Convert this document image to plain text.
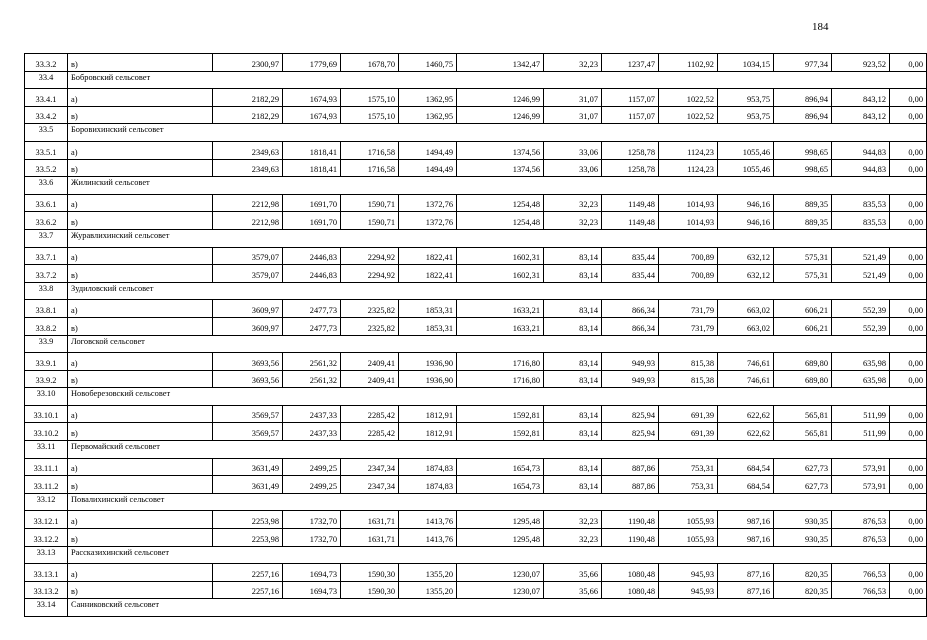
184
33.3.2	в)	2300,97	1779,69	1678,70	1460,75	1342,47	32,23	1237,47	1102,92	1034,15	977,34	923,52	0,00
33.4	Бобровский сельсовет												
33.4.1	а)	2182,29	1674,93	1575,10	1362,95	1246,99	31,07	1157,07	1022,52	953,75	896,94	843,12	0,00
33.4.2	в)	2182,29	1674,93	1575,10	1362,95	1246,99	31,07	1157,07	1022,52	953,75	896,94	843,12	0,00
33.5	Боровихинский сельсовет												
33.5.1	а)	2349,63	1818,41	1716,58	1494,49	1374,56	33,06	1258,78	1124,23	1055,46	998,65	944,83	0,00
33.5.2	в)	2349,63	1818,41	1716,58	1494,49	1374,56	33,06	1258,78	1124,23	1055,46	998,65	944,83	0,00
33.6	Жилинский сельсовет												
33.6.1	а)	2212,98	1691,70	1590,71	1372,76	1254,48	32,23	1149,48	1014,93	946,16	889,35	835,53	0,00
33.6.2	в)	2212,98	1691,70	1590,71	1372,76	1254,48	32,23	1149,48	1014,93	946,16	889,35	835,53	0,00
33.7	Журавлихинский сельсовет												
33.7.1	а)	3579,07	2446,83	2294,92	1822,41	1602,31	83,14	835,44	700,89	632,12	575,31	521,49	0,00
33.7.2	в)	3579,07	2446,83	2294,92	1822,41	1602,31	83,14	835,44	700,89	632,12	575,31	521,49	0,00
33.8	Зудиловский сельсовет												
33.8.1	а)	3609,97	2477,73	2325,82	1853,31	1633,21	83,14	866,34	731,79	663,02	606,21	552,39	0,00
33.8.2	в)	3609,97	2477,73	2325,82	1853,31	1633,21	83,14	866,34	731,79	663,02	606,21	552,39	0,00
33.9	Логовской сельсовет												
33.9.1	а)	3693,56	2561,32	2409,41	1936,90	1716,80	83,14	949,93	815,38	746,61	689,80	635,98	0,00
33.9.2	в)	3693,56	2561,32	2409,41	1936,90	1716,80	83,14	949,93	815,38	746,61	689,80	635,98	0,00
33.10	Новоберезовский сельсовет												
33.10.1	а)	3569,57	2437,33	2285,42	1812,91	1592,81	83,14	825,94	691,39	622,62	565,81	511,99	0,00
33.10.2	в)	3569,57	2437,33	2285,42	1812,91	1592,81	83,14	825,94	691,39	622,62	565,81	511,99	0,00
33.11	Первомайский сельсовет												
33.11.1	а)	3631,49	2499,25	2347,34	1874,83	1654,73	83,14	887,86	753,31	684,54	627,73	573,91	0,00
33.11.2	в)	3631,49	2499,25	2347,34	1874,83	1654,73	83,14	887,86	753,31	684,54	627,73	573,91	0,00
33.12	Повалихинский сельсовет												
33.12.1	а)	2253,98	1732,70	1631,71	1413,76	1295,48	32,23	1190,48	1055,93	987,16	930,35	876,53	0,00
33.12.2	в)	2253,98	1732,70	1631,71	1413,76	1295,48	32,23	1190,48	1055,93	987,16	930,35	876,53	0,00
33.13	Рассказихинский сельсовет												
33.13.1	а)	2257,16	1694,73	1590,30	1355,20	1230,07	35,66	1080,48	945,93	877,16	820,35	766,53	0,00
33.13.2	в)	2257,16	1694,73	1590,30	1355,20	1230,07	35,66	1080,48	945,93	877,16	820,35	766,53	0,00
33.14	Санниковский сельсовет												
